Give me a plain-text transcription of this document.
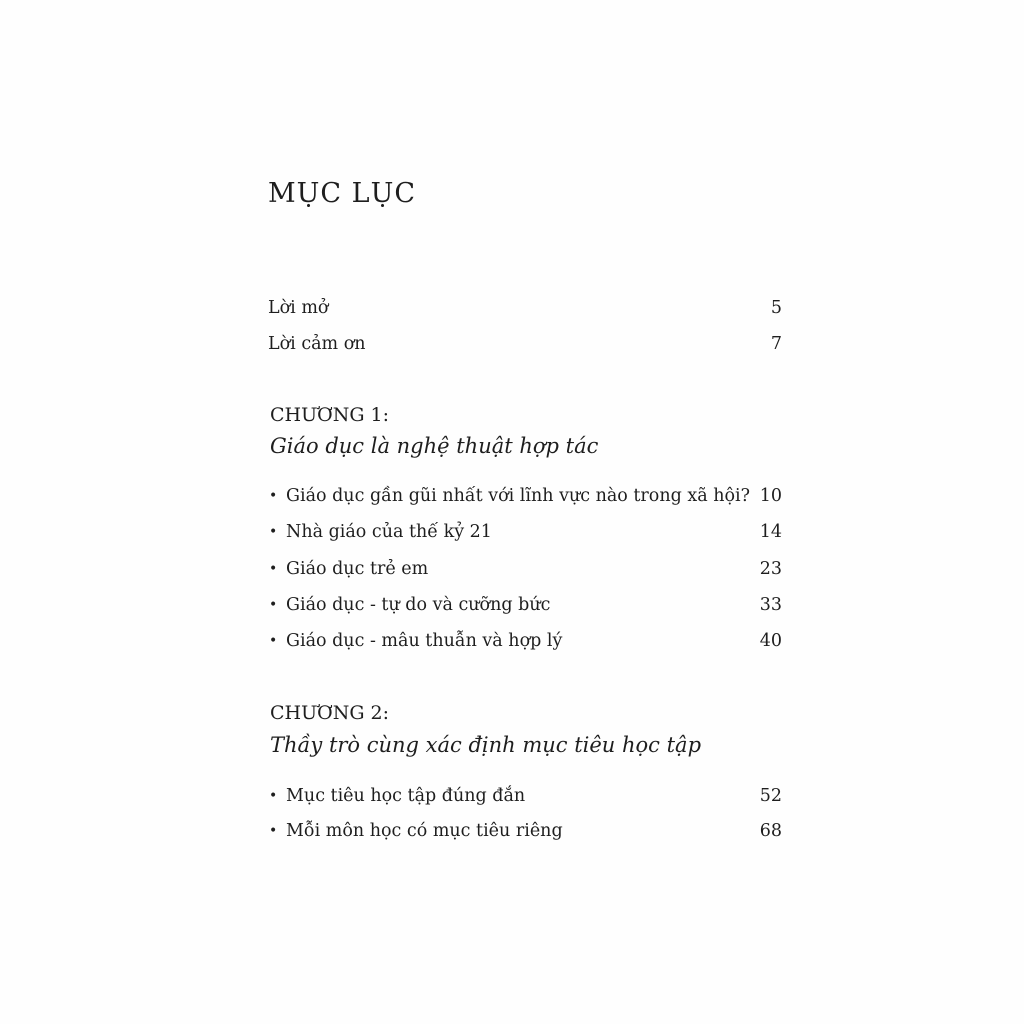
MỤC LỤC
Lời mở	5
Lời cảm ơn	7
CHƯƠNG 1:
Giáo dục là nghệ thuật hợp tác
• Giáo dục gần gũi nhất với lĩnh vực nào trong xã hội? 10
• Nhà giáo của thế kỷ 21	14
• Giáo dục trẻ em	23
• Giáo dục - tự do và cưỡng bức	33
• Giáo dục - mâu thuẫn và hợp lý	40
CHƯƠNG 2:
Thầy trò cùng xác định mục tiêu học tập
• Mục tiêu học tập đúng đắn	52
• Mỗi môn học có mục tiêu riêng	68
